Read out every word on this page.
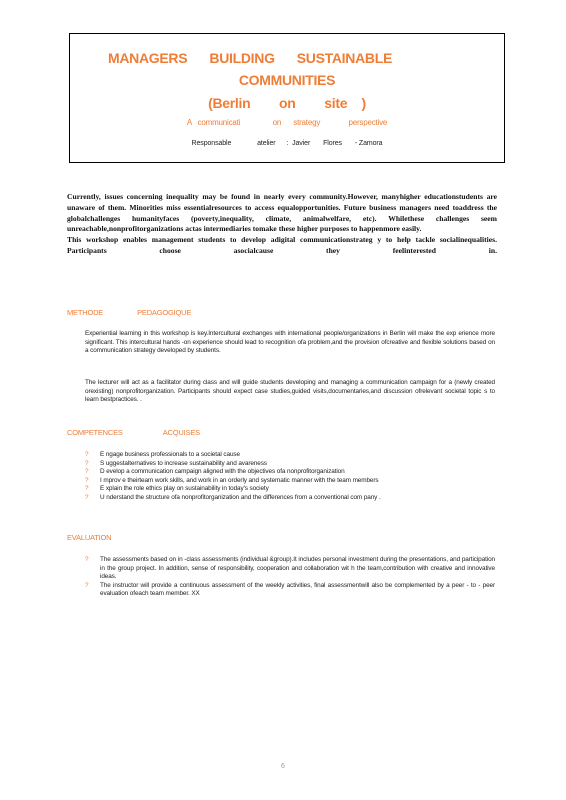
MANAGERS BUILDING SUSTAINABLE
COMMUNITIES
(Berlin        on        site    )
A   communicati                on      strategy              perspective
Responsable              atelier      :  Javier       Flores       - Zamora

Currently, issues concerning inequality may be found in nearly every community.However, manyhigher educationstudents are unaware of them. Minorities miss essentialresources to access equalopportunities. Future business managers need toaddress the globalchallenges humanityfaces (poverty,inequality, climate, animalwelfare, etc). Whilethese challenges seem unreachable,nonprofitorganizations actas intermediaries tomake these higher purposes to happenmore easily.

This workshop enables management students to develop adigital communicationstrateg y to help tackle socialinequalities. Participants choose asocialcause they feelinterested in.

METHODE	PEDAGOGIQUE

Experiential learning in this workshop is key.Intercultural exchanges with international people/organizations in Berlin will make the exp erience more significant. This intercultural hands -on experience should lead to recognition ofa problem,and the provision ofcreative and flexible solutions based on a communication strategy developed by students.

The lecturer will act as a facilitator during class and will guide students developing and managing a communication campaign for a (newly created orexisting) nonprofitorganization. Participants should expect case studies,guided visits,documentaries,and discussion ofrelevant societal topic s to learn bestpractices. .

COMPETENCES	ACQUISES
? E ngage business professionals to a societal cause
? S uggestalternatives to increase sustainability and avareness
? D evelop a communication campaign aligned with the objectives ofa nonprofitorganization
? I mprov e theirteam work skills, and work in an orderly and systematic manner with the team members
? E xplain the role ethics play on sustainability in today's society
? U nderstand the structure ofa nonprofitorganization and the differences from a conventional com pany .
EVALUATION
? The assessments based on in -class assessments (individual &group).It includes personal investment during the presentations, and participation in the group project. In addition, sense of responsibility, cooperation and collaboration wit h the team,contribution with creative and innovative ideas.
? The instructor will provide a continuous assessment of the weekly activities, final assessmentwill also be complemented by a peer - to - peer evaluation ofeach team member. XX
6
